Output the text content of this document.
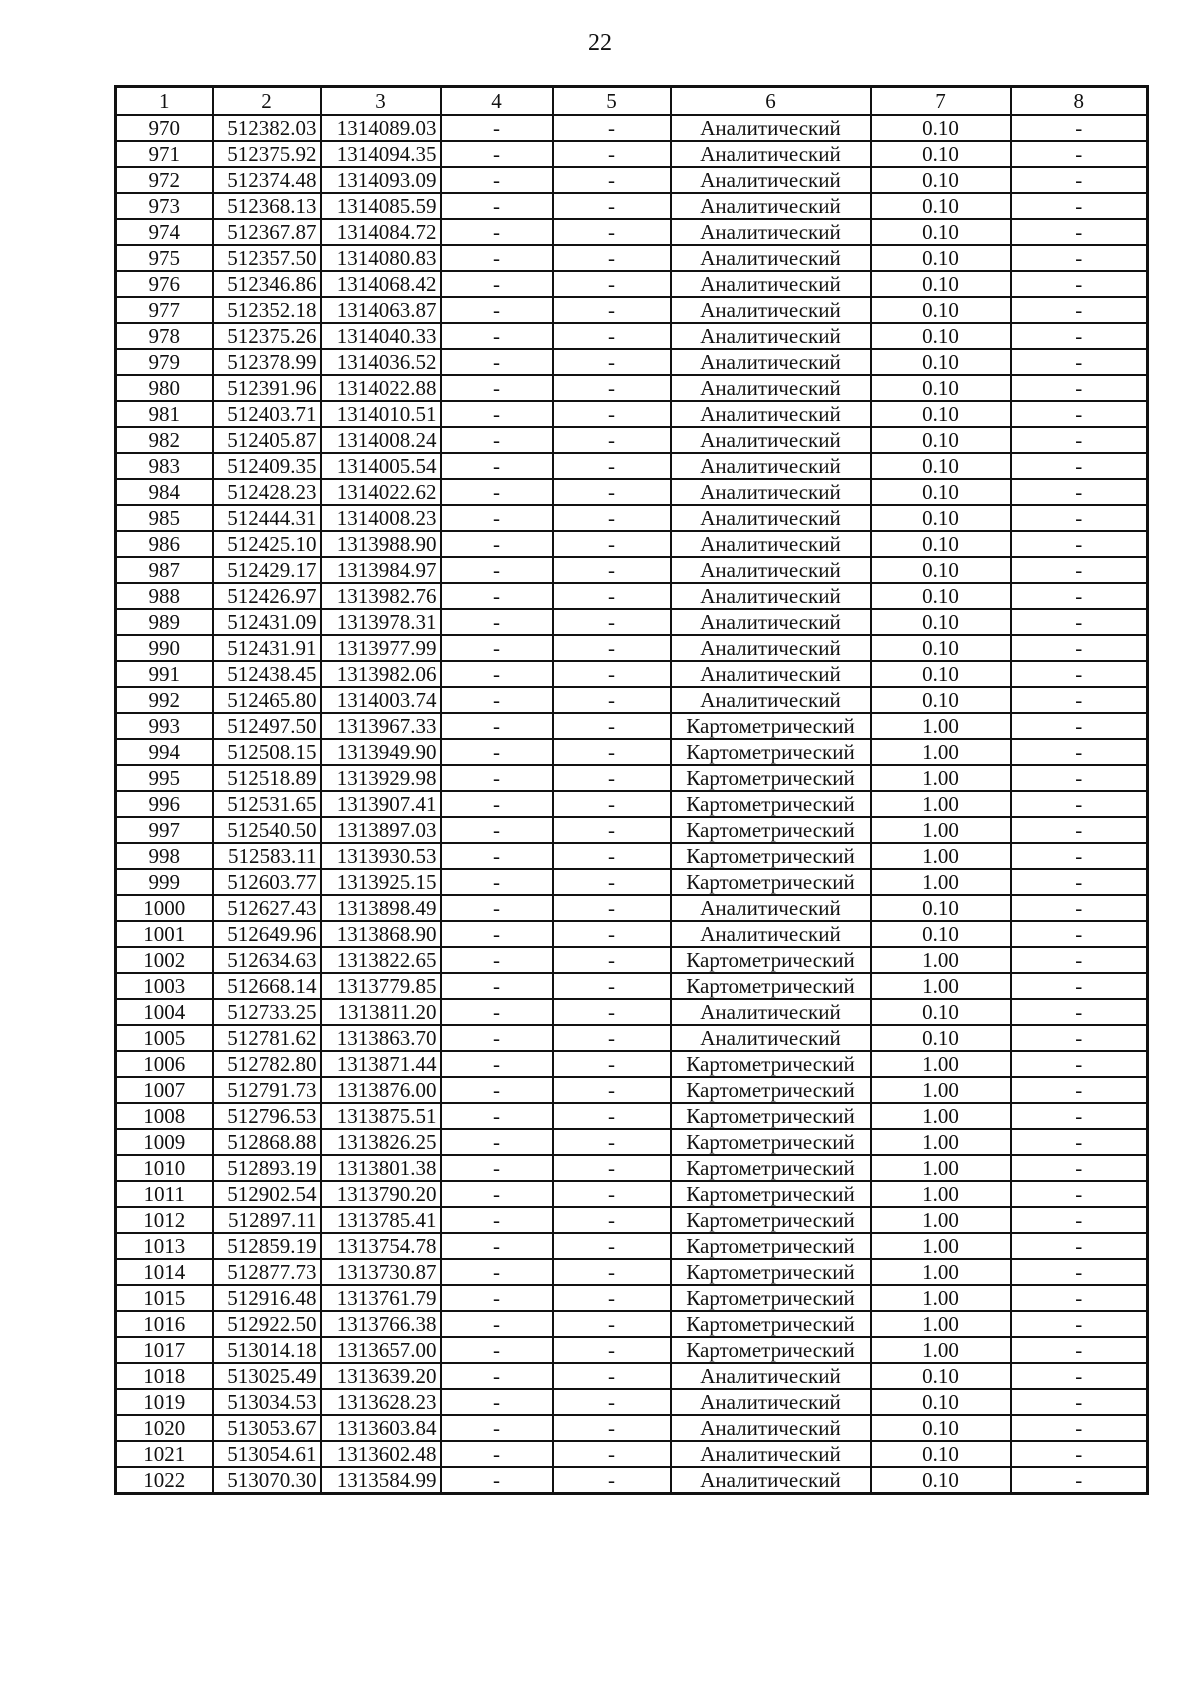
22
1	2	3	4	5	6	7	8
970	512382.03	1314089.03	-	-	Аналитический	0.10	-
971	512375.92	1314094.35	-	-	Аналитический	0.10	-
972	512374.48	1314093.09	-	-	Аналитический	0.10	-
973	512368.13	1314085.59	-	-	Аналитический	0.10	-
974	512367.87	1314084.72	-	-	Аналитический	0.10	-
975	512357.50	1314080.83	-	-	Аналитический	0.10	-
976	512346.86	1314068.42	-	-	Аналитический	0.10	-
977	512352.18	1314063.87	-	-	Аналитический	0.10	-
978	512375.26	1314040.33	-	-	Аналитический	0.10	-
979	512378.99	1314036.52	-	-	Аналитический	0.10	-
980	512391.96	1314022.88	-	-	Аналитический	0.10	-
981	512403.71	1314010.51	-	-	Аналитический	0.10	-
982	512405.87	1314008.24	-	-	Аналитический	0.10	-
983	512409.35	1314005.54	-	-	Аналитический	0.10	-
984	512428.23	1314022.62	-	-	Аналитический	0.10	-
985	512444.31	1314008.23	-	-	Аналитический	0.10	-
986	512425.10	1313988.90	-	-	Аналитический	0.10	-
987	512429.17	1313984.97	-	-	Аналитический	0.10	-
988	512426.97	1313982.76	-	-	Аналитический	0.10	-
989	512431.09	1313978.31	-	-	Аналитический	0.10	-
990	512431.91	1313977.99	-	-	Аналитический	0.10	-
991	512438.45	1313982.06	-	-	Аналитический	0.10	-
992	512465.80	1314003.74	-	-	Аналитический	0.10	-
993	512497.50	1313967.33	-	-	Картометрический	1.00	-
994	512508.15	1313949.90	-	-	Картометрический	1.00	-
995	512518.89	1313929.98	-	-	Картометрический	1.00	-
996	512531.65	1313907.41	-	-	Картометрический	1.00	-
997	512540.50	1313897.03	-	-	Картометрический	1.00	-
998	512583.11	1313930.53	-	-	Картометрический	1.00	-
999	512603.77	1313925.15	-	-	Картометрический	1.00	-
1000	512627.43	1313898.49	-	-	Аналитический	0.10	-
1001	512649.96	1313868.90	-	-	Аналитический	0.10	-
1002	512634.63	1313822.65	-	-	Картометрический	1.00	-
1003	512668.14	1313779.85	-	-	Картометрический	1.00	-
1004	512733.25	1313811.20	-	-	Аналитический	0.10	-
1005	512781.62	1313863.70	-	-	Аналитический	0.10	-
1006	512782.80	1313871.44	-	-	Картометрический	1.00	-
1007	512791.73	1313876.00	-	-	Картометрический	1.00	-
1008	512796.53	1313875.51	-	-	Картометрический	1.00	-
1009	512868.88	1313826.25	-	-	Картометрический	1.00	-
1010	512893.19	1313801.38	-	-	Картометрический	1.00	-
1011	512902.54	1313790.20	-	-	Картометрический	1.00	-
1012	512897.11	1313785.41	-	-	Картометрический	1.00	-
1013	512859.19	1313754.78	-	-	Картометрический	1.00	-
1014	512877.73	1313730.87	-	-	Картометрический	1.00	-
1015	512916.48	1313761.79	-	-	Картометрический	1.00	-
1016	512922.50	1313766.38	-	-	Картометрический	1.00	-
1017	513014.18	1313657.00	-	-	Картометрический	1.00	-
1018	513025.49	1313639.20	-	-	Аналитический	0.10	-
1019	513034.53	1313628.23	-	-	Аналитический	0.10	-
1020	513053.67	1313603.84	-	-	Аналитический	0.10	-
1021	513054.61	1313602.48	-	-	Аналитический	0.10	-
1022	513070.30	1313584.99	-	-	Аналитический	0.10	-
